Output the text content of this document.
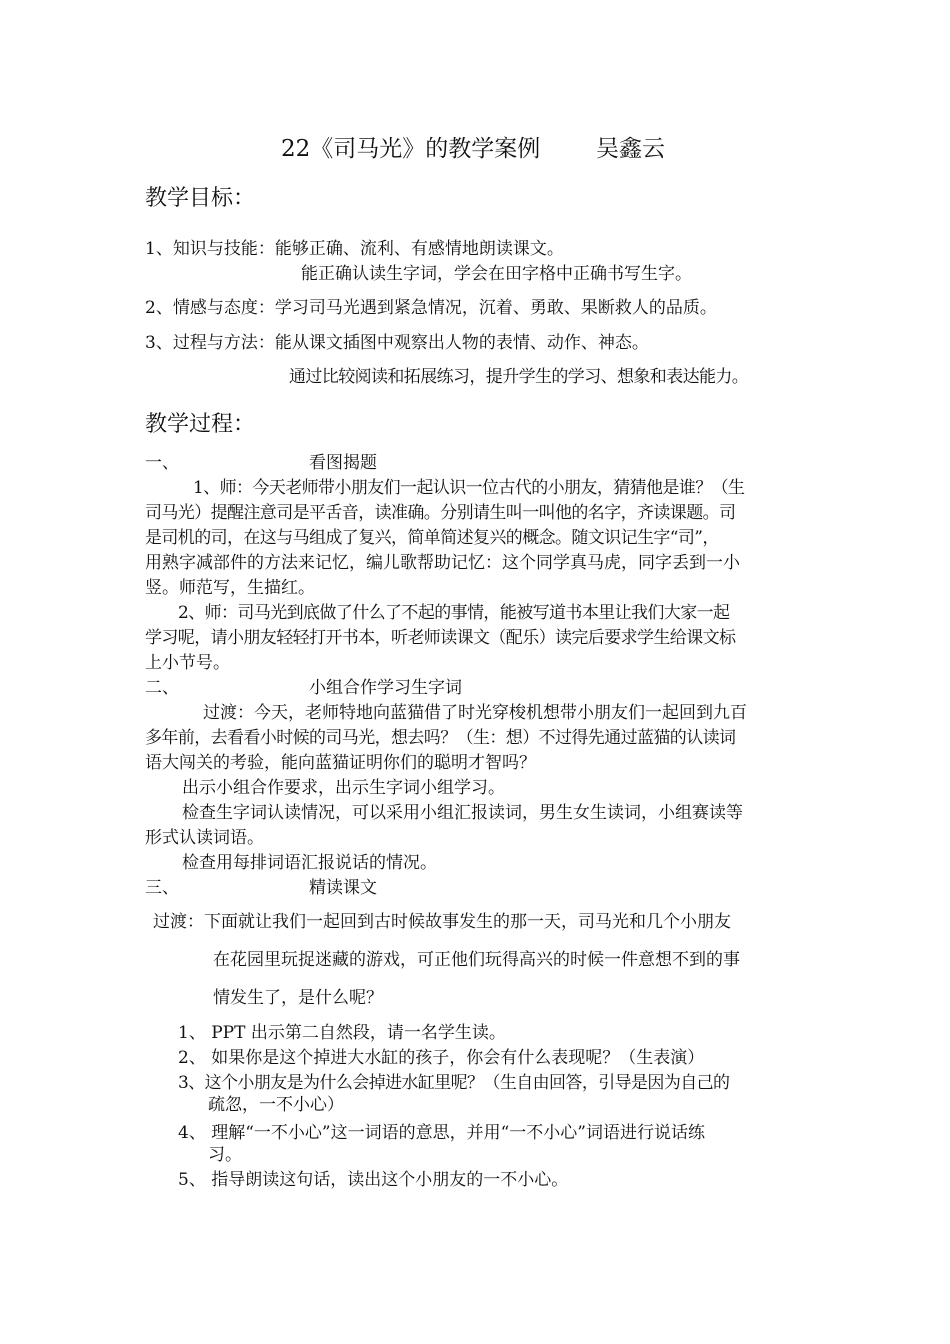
22《司马光》的教学案例 吴鑫云
教学目标：
1、知识与技能：能够正确、流利、有感情地朗读课文。
能正确认读生字词，学会在田字格中正确书写生字。
2、情感与态度：学习司马光遇到紧急情况，沉着、勇敢、果断救人的品质。
3、过程与方法：能从课文插图中观察出人物的表情、动作、神态。
通过比较阅读和拓展练习，提升学生的学习、想象和表达能力。
教学过程：
一、	看图揭题
1、师：今天老师带小朋友们一起认识一位古代的小朋友，猜猜他是谁？（生
司马光）提醒注意司是平舌音，读准确。分别请生叫一叫他的名字，齐读课题。司
是司机的司，在这与马组成了复兴，简单简述复兴的概念。随文识记生字“司”，
用熟字减部件的方法来记忆，编儿歌帮助记忆：这个同学真马虎，同字丢到一小
竖。师范写，生描红。
2、师：司马光到底做了什么了不起的事情，能被写道书本里让我们大家一起
学习呢，请小朋友轻轻打开书本，听老师读课文（配乐）读完后要求学生给课文标
上小节号。
二、	小组合作学习生字词
过渡：今天，老师特地向蓝猫借了时光穿梭机想带小朋友们一起回到九百
多年前，去看看小时候的司马光，想去吗？（生：想）不过得先通过蓝猫的认读词
语大闯关的考验，能向蓝猫证明你们的聪明才智吗？
出示小组合作要求，出示生字词小组学习。
检查生字词认读情况，可以采用小组汇报读词，男生女生读词，小组赛读等
形式认读词语。
检查用每排词语汇报说话的情况。
三、	精读课文
过渡：下面就让我们一起回到古时候故事发生的那一天，司马光和几个小朋友
在花园里玩捉迷藏的游戏，可正他们玩得高兴的时候一件意想不到的事
情发生了，是什么呢？
1、 PPT 出示第二自然段，请一名学生读。
2、 如果你是这个掉进大水缸的孩子，你会有什么表现呢？（生表演）
3、这个小朋友是为什么会掉进水缸里呢？（生自由回答，引导是因为自己的
疏忽，一不小心）
4、 理解“一不小心”这一词语的意思，并用“一不小心”词语进行说话练
习。
5、 指导朗读这句话，读出这个小朋友的一不小心。
